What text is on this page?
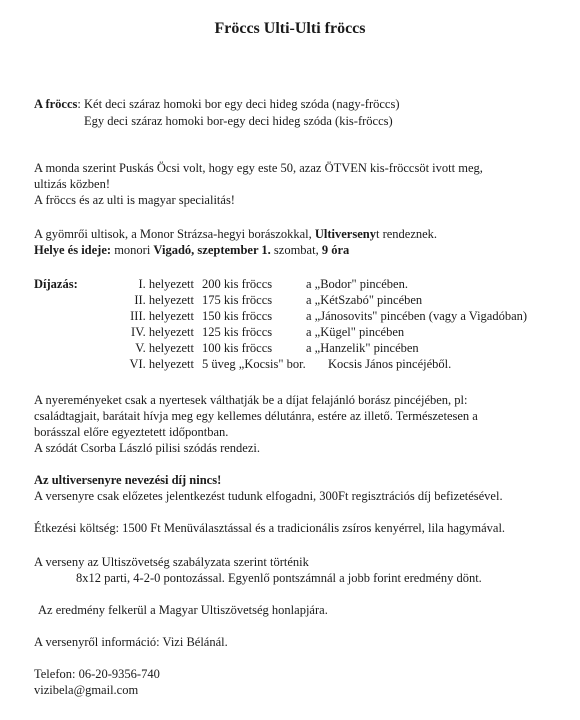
Fröccs Ulti-Ulti fröccs
A fröccs: Két deci száraz homoki bor egy deci hideg szóda (nagy-fröccs)
Egy deci száraz homoki bor-egy deci hideg szóda (kis-fröccs)
A monda szerint Puskás Öcsi volt, hogy egy este 50, azaz ÖTVEN kis-fröccsöt ivott meg,
ultizás közben!
A fröccs és az ulti is magyar specialitás!
A gyömrői ultisok, a Monor Strázsa-hegyi borászokkal, Ultiversenyt rendeznek.
Helye és ideje: monori Vigadó, szeptember 1. szombat, 9 óra
Díjazás:	I. helyezett 200 kis fröccs	a „Bodor" pincében.
II. helyezett 175 kis fröccs	a „KétSzabó" pincében
III. helyezett 150 kis fröccs	a „Jánosovits" pincében (vagy a Vigadóban)
IV. helyezett 125 kis fröccs	a „Kügel" pincében
V. helyezett 100 kis fröccs	a „Hanzelik" pincében
VI. helyezett 5 üveg „Kocsis" bor. Kocsis János pincéjéből.
A nyereményeket csak a nyertesek válthatják be a díjat felajánló borász pincéjében, pl:
családtagjait, barátait hívja meg egy kellemes délutánra, estére az illető. Természetesen a
borásszal előre egyeztetett időpontban.
A szódát Csorba László pilisi szódás rendezi.
Az ultiversenyre nevezési díj nincs!
A versenyre csak előzetes jelentkezést tudunk elfogadni, 300Ft regisztrációs díj befizetésével.
Étkezési költség: 1500 Ft Menüválasztással és a tradicionális zsíros kenyérrel, lila hagymával.
A verseny az Ultiszövetség szabályzata szerint történik
8x12 parti, 4-2-0 pontozással. Egyenlő pontszámnál a jobb forint eredmény dönt.
Az eredmény felkerül a Magyar Ultiszövetség honlapjára.
A versenyről információ: Vizi Bélánál.
Telefon: 06-20-9356-740
vizibela@gmail.com
